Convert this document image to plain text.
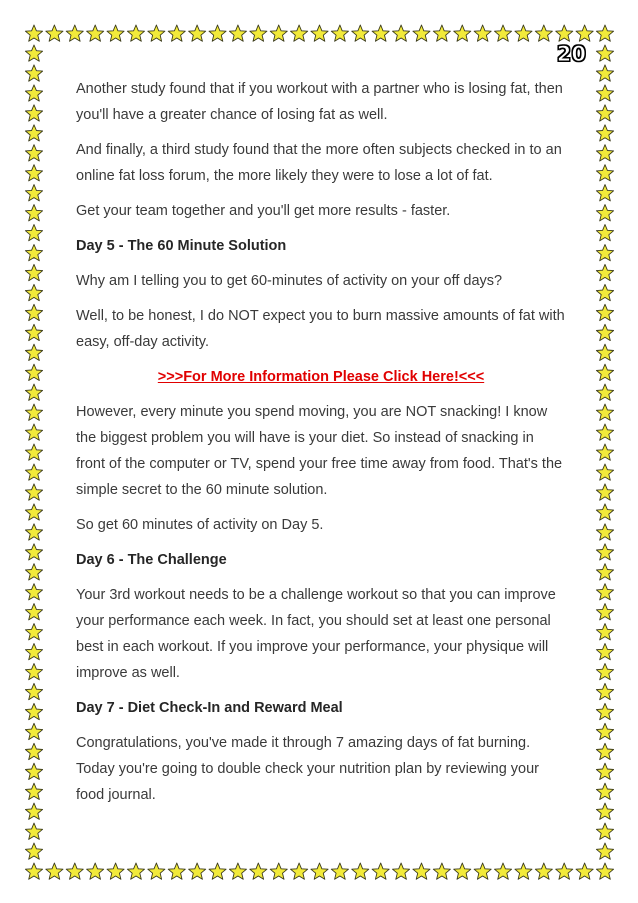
20

Another study found that if you workout with a partner who is losing fat, then you'll have a greater chance of losing fat as well.

And finally, a third study found that the more often subjects checked in to an online fat loss forum, the more likely they were to lose a lot of fat.

Get your team together and you'll get more results - faster.

Day 5 - The 60 Minute Solution

Why am I telling you to get 60-minutes of activity on your off days?

Well, to be honest, I do NOT expect you to burn massive amounts of fat with easy, off-day activity.

>>>For More Information Please Click Here!<<<

However, every minute you spend moving, you are NOT snacking! I know the biggest problem you will have is your diet. So instead of snacking in front of the computer or TV, spend your free time away from food. That's the simple secret to the 60 minute solution.

So get 60 minutes of activity on Day 5.

Day 6 - The Challenge

Your 3rd workout needs to be a challenge workout so that you can improve your performance each week. In fact, you should set at least one personal best in each workout. If you improve your performance, your physique will improve as well.

Day 7 - Diet Check-In and Reward Meal

Congratulations, you've made it through 7 amazing days of fat burning. Today you're going to double check your nutrition plan by reviewing your food journal.
